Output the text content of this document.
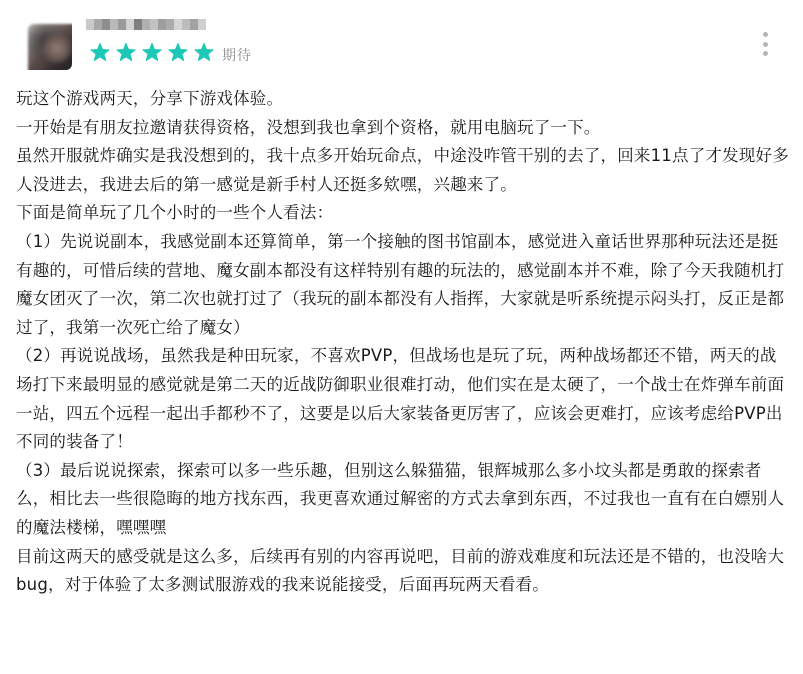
期待

玩这个游戏两天，分享下游戏体验。

一开始是有朋友拉邀请获得资格，没想到我也拿到个资格，就用电脑玩了一下。

虽然开服就炸确实是我没想到的，我十点多开始玩命点，中途没咋管干别的去了，回来11点了才发现好多人没进去，我进去后的第一感觉是新手村人还挺多欸嘿，兴趣来了。

下面是简单玩了几个小时的一些个人看法：

（1）先说说副本，我感觉副本还算简单，第一个接触的图书馆副本，感觉进入童话世界那种玩法还是挺有趣的，可惜后续的营地、魔女副本都没有这样特别有趣的玩法的，感觉副本并不难，除了今天我随机打魔女团灭了一次，第二次也就打过了（我玩的副本都没有人指挥，大家就是听系统提示闷头打，反正是都过了，我第一次死亡给了魔女）

（2）再说说战场，虽然我是种田玩家，不喜欢PVP，但战场也是玩了玩，两种战场都还不错，两天的战场打下来最明显的感觉就是第二天的近战防御职业很难打动，他们实在是太硬了，一个战士在炸弹车前面一站，四五个远程一起出手都秒不了，这要是以后大家装备更厉害了，应该会更难打，应该考虑给PVP出不同的装备了！

（3）最后说说探索，探索可以多一些乐趣，但别这么躲猫猫，银辉城那么多小坟头都是勇敢的探索者么，相比去一些很隐晦的地方找东西，我更喜欢通过解密的方式去拿到东西，不过我也一直有在白嫖别人的魔法楼梯，嘿嘿嘿

目前这两天的感受就是这么多，后续再有别的内容再说吧，目前的游戏难度和玩法还是不错的，也没啥大bug，对于体验了太多测试服游戏的我来说能接受，后面再玩两天看看。
